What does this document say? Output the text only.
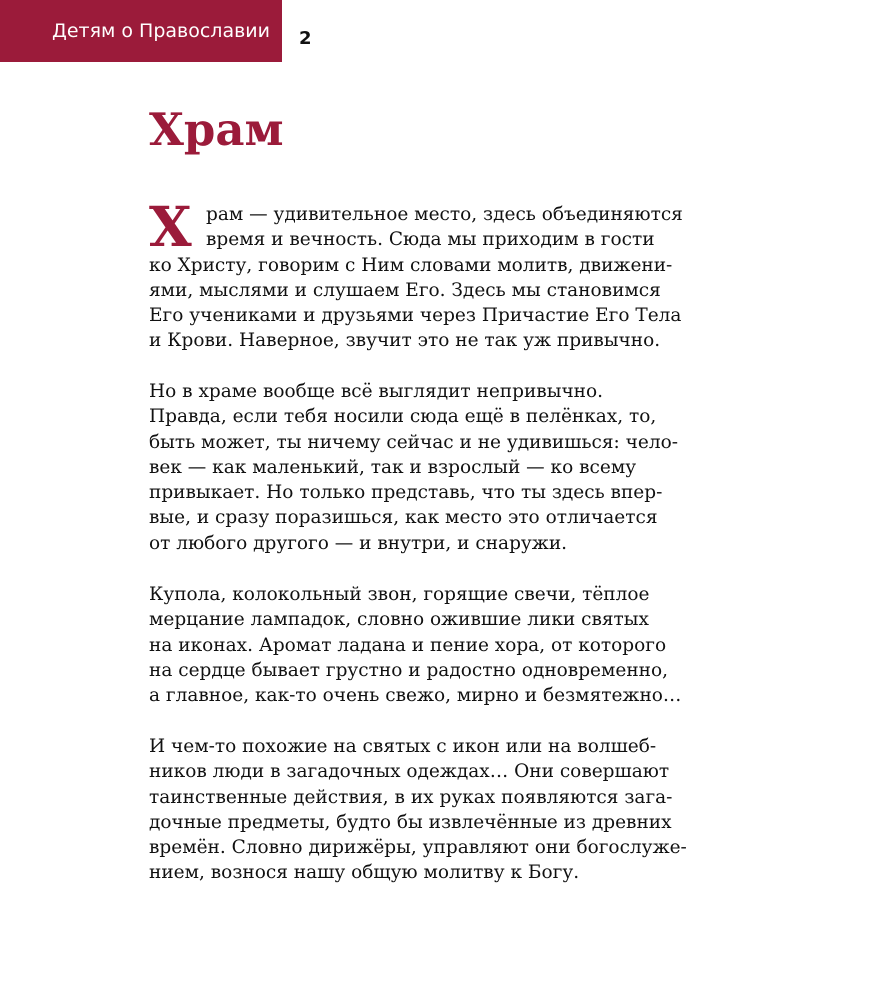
Детям о Православии 2
Храм
Х рам — удивительное место, здесь объединяются
время и вечность. Сюда мы приходим в гости
ко Христу, говорим с Ним словами молитв, движени-
ями, мыслями и слушаем Его. Здесь мы становимся
Его учениками и друзьями через Причастие Его Тела
и Крови. Наверное, звучит это не так уж привычно.
Но в храме вообще всё выглядит непривычно.
Правда, если тебя носили сюда ещё в пелёнках, то,
быть может, ты ничему сейчас и не удивишься: чело-
век — как маленький, так и взрослый — ко всему
привыкает. Но только представь, что ты здесь впер-
вые, и сразу поразишься, как место это отличается
от любого другого — и внутри, и снаружи.
Купола, колокольный звон, горящие свечи, тёплое
мерцание лампадок, словно ожившие лики святых
на иконах. Аромат ладана и пение хора, от которого
на сердце бывает грустно и радостно одновременно,
а главное, как-то очень свежо, мирно и безмятежно…
И чем-то похожие на святых с икон или на волшеб-
ников люди в загадочных одеждах… Они совершают
таинственные действия, в их руках появляются зага-
дочные предметы, будто бы извлечённые из древних
времён. Словно дирижёры, управляют они богослуже-
нием, вознося нашу общую молитву к Богу.
